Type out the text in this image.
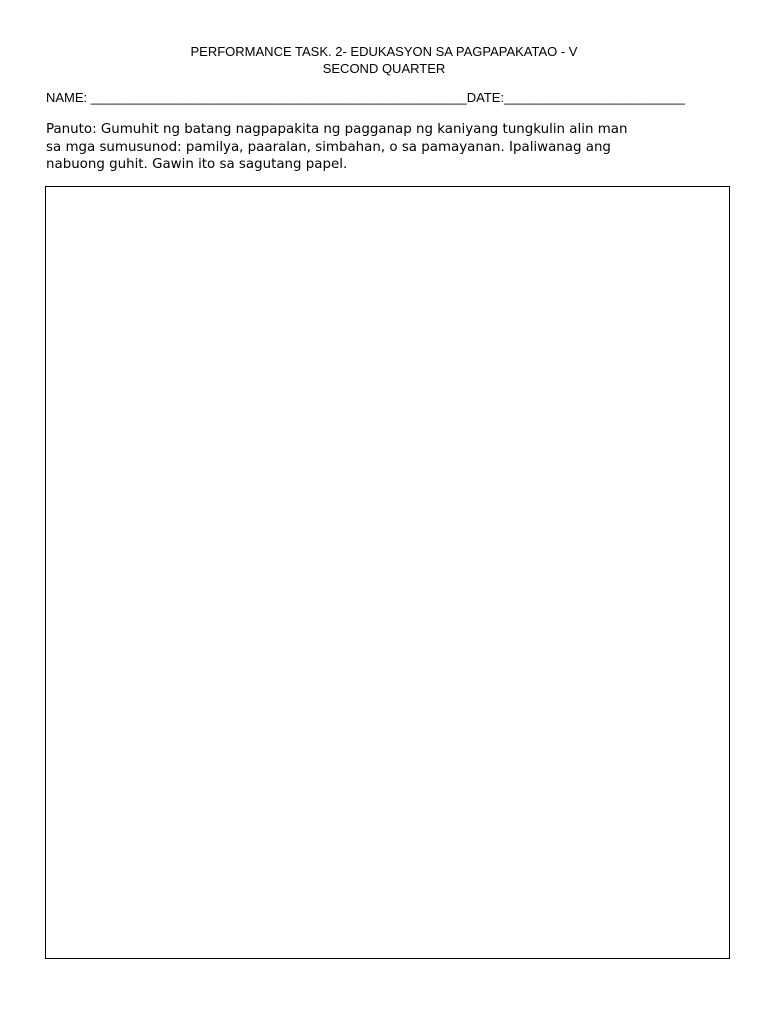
PERFORMANCE TASK. 2- EDUKASYON SA PAGPAPAKATAO - V
SECOND QUARTER
NAME: ____________________________________________________DATE:_________________________
Panuto: Gumuhit ng batang nagpapakita ng pagganap ng kaniyang tungkulin alin man
sa mga sumusunod: pamilya, paaralan, simbahan, o sa pamayanan. Ipaliwanag ang
nabuong guhit. Gawin ito sa sagutang papel.
